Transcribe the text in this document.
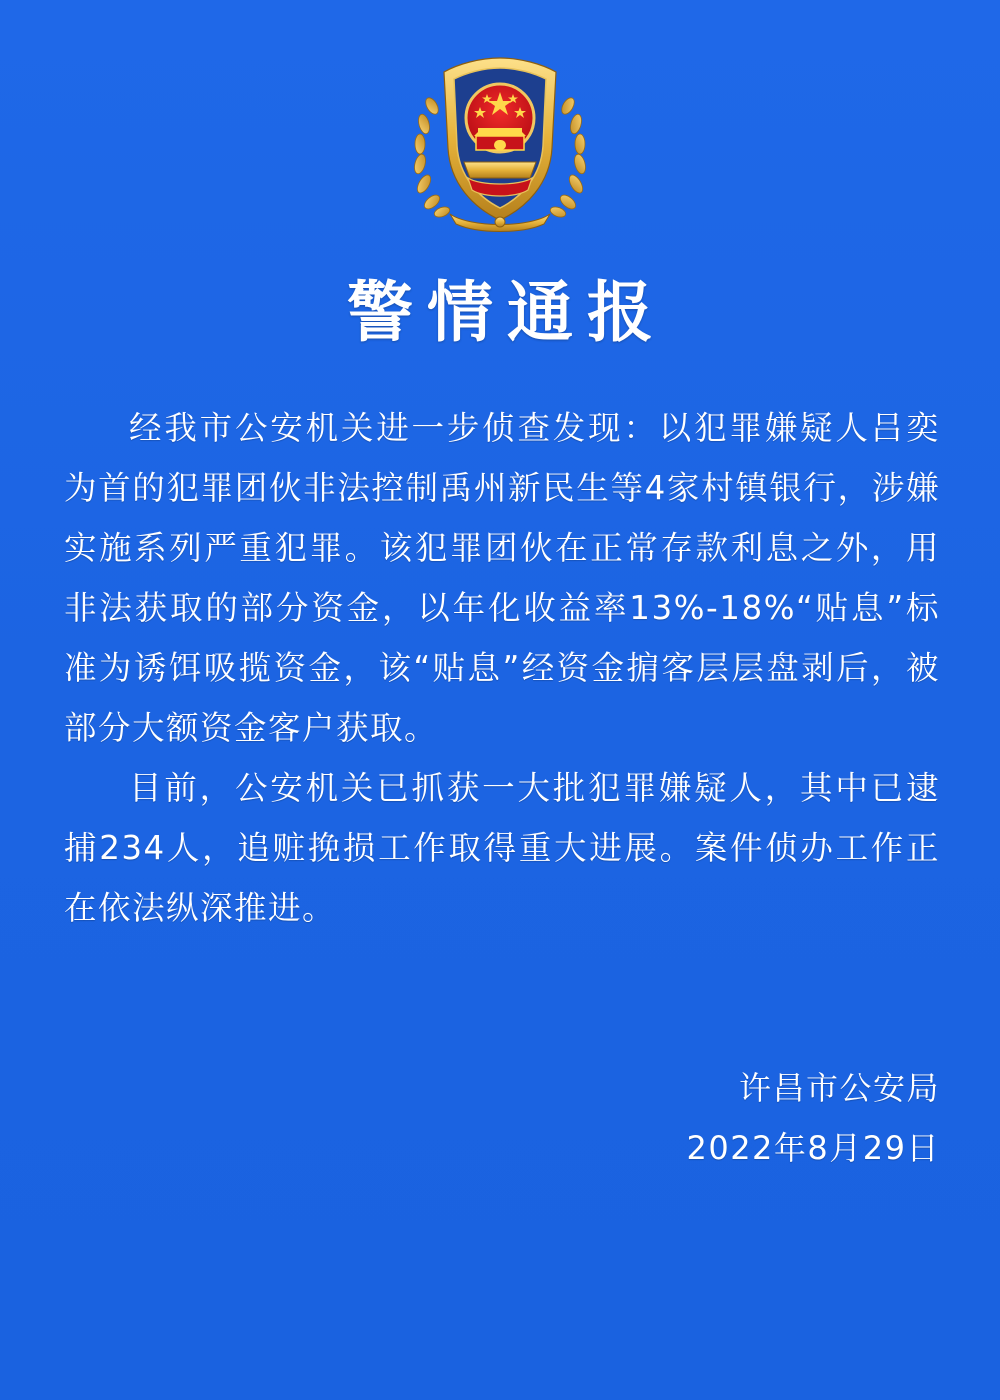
警情通报

经我市公安机关进一步侦查发现：以犯罪嫌疑人吕奕为首的犯罪团伙非法控制禹州新民生等4家村镇银行，涉嫌实施系列严重犯罪。该犯罪团伙在正常存款利息之外，用非法获取的部分资金，以年化收益率13%-18%“贴息”标准为诱饵吸揽资金，该“贴息”经资金掮客层层盘剥后，被部分大额资金客户获取。

目前，公安机关已抓获一大批犯罪嫌疑人，其中已逮捕234人，追赃挽损工作取得重大进展。案件侦办工作正在依法纵深推进。

许昌市公安局
2022年8月29日
